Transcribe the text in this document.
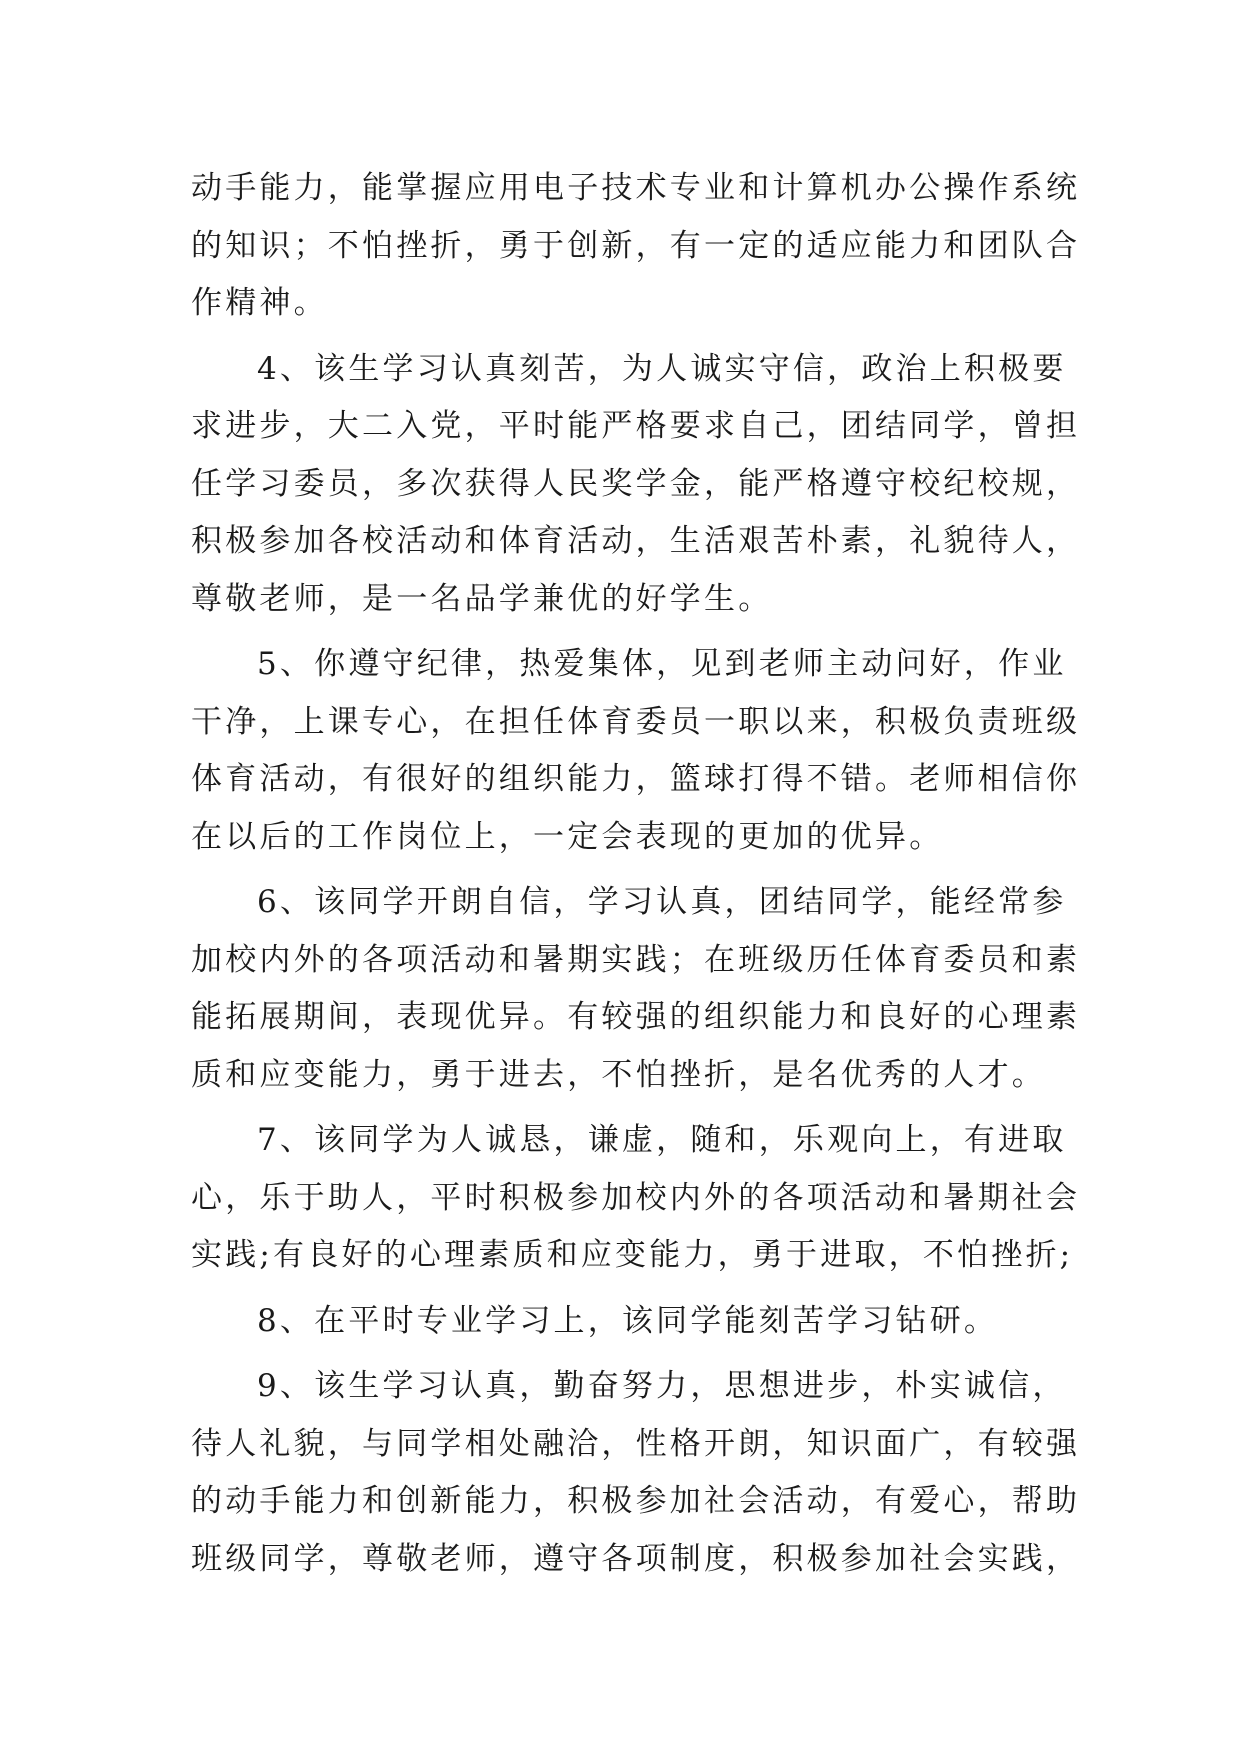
动手能力，能掌握应用电子技术专业和计算机办公操作系统
的知识；不怕挫折，勇于创新，有一定的适应能力和团队合
作精神。
4、该生学习认真刻苦，为人诚实守信，政治上积极要
求进步，大二入党，平时能严格要求自己，团结同学，曾担
任学习委员，多次获得人民奖学金，能严格遵守校纪校规，
积极参加各校活动和体育活动，生活艰苦朴素，礼貌待人，
尊敬老师，是一名品学兼优的好学生。
5、你遵守纪律，热爱集体，见到老师主动问好，作业
干净，上课专心，在担任体育委员一职以来，积极负责班级
体育活动，有很好的组织能力，篮球打得不错。老师相信你
在以后的工作岗位上，一定会表现的更加的优异。
6、该同学开朗自信，学习认真，团结同学，能经常参
加校内外的各项活动和暑期实践；在班级历任体育委员和素
能拓展期间，表现优异。有较强的组织能力和良好的心理素
质和应变能力，勇于进去，不怕挫折，是名优秀的人才。
7、该同学为人诚恳，谦虚，随和，乐观向上，有进取
心，乐于助人，平时积极参加校内外的各项活动和暑期社会
实践;有良好的心理素质和应变能力，勇于进取，不怕挫折;
8、在平时专业学习上，该同学能刻苦学习钻研。
9、该生学习认真，勤奋努力，思想进步，朴实诚信，
待人礼貌，与同学相处融洽，性格开朗，知识面广，有较强
的动手能力和创新能力，积极参加社会活动，有爱心，帮助
班级同学，尊敬老师，遵守各项制度，积极参加社会实践，
